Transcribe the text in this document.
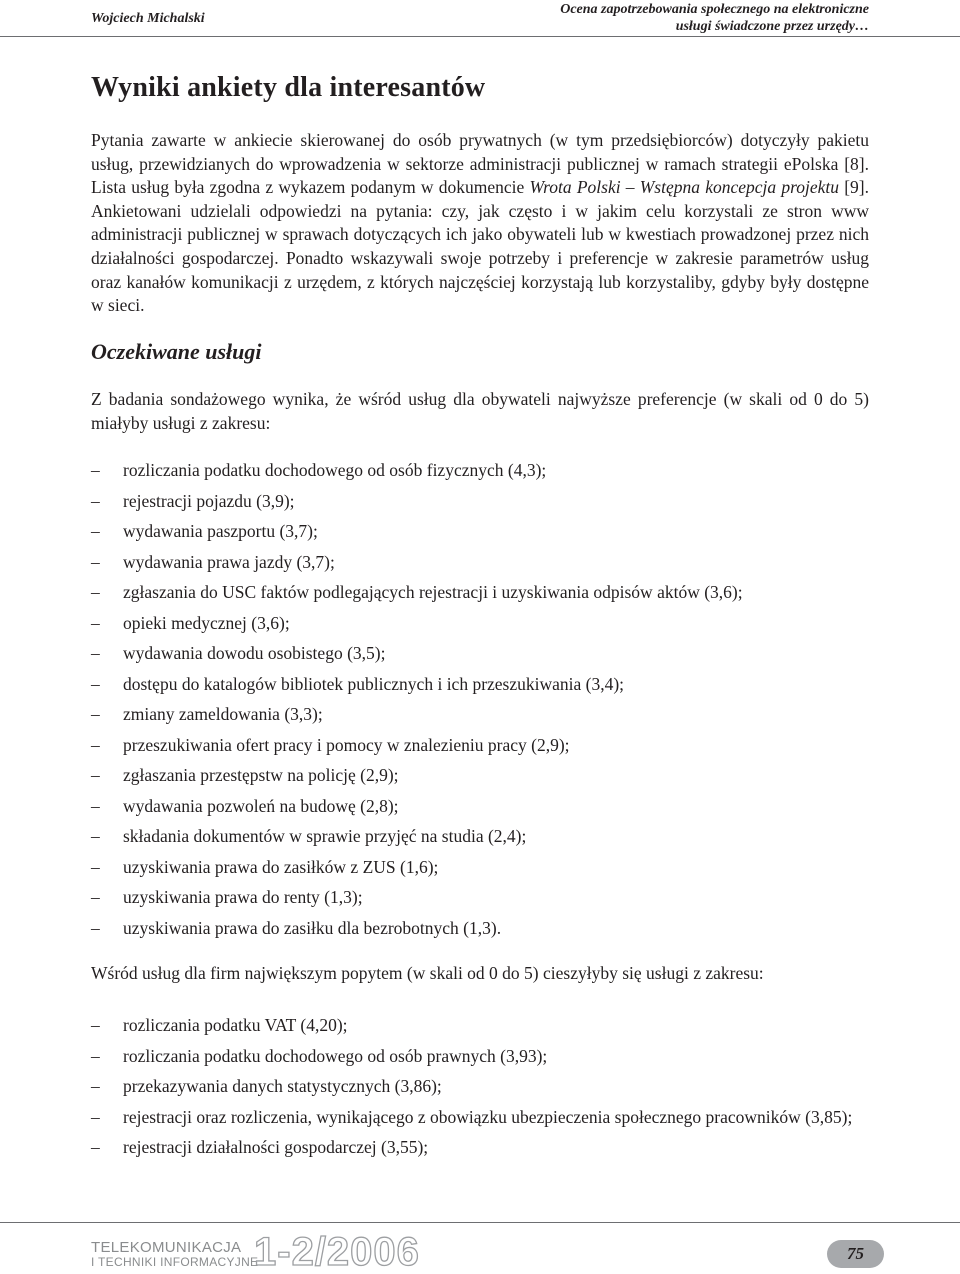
Wojciech Michalski
Ocena zapotrzebowania społecznego na elektroniczne
usługi świadczone przez urzędy…
Wyniki ankiety dla interesantów

Pytania zawarte w ankiecie skierowanej do osób prywatnych (w tym przedsiębiorców) dotyczyły pakietu usług, przewidzianych do wprowadzenia w sektorze administracji publicznej w ramach strategii ePolska [8]. Lista usług była zgodna z wykazem podanym w dokumencie Wrota Polski – Wstępna koncepcja projektu [9]. Ankietowani udzielali odpowiedzi na pytania: czy, jak często i w jakim celu korzystali ze stron www administracji publicznej w sprawach dotyczących ich jako obywateli lub w kwestiach prowadzonej przez nich działalności gospodarczej. Ponadto wskazywali swoje potrzeby i preferencje w zakresie parametrów usług oraz kanałów komunikacji z urzędem, z których najczęściej korzystają lub korzystaliby, gdyby były dostępne w sieci.

Oczekiwane usługi

Z badania sondażowego wynika, że wśród usług dla obywateli najwyższe preferencje (w skali od 0 do 5) miałyby usługi z zakresu:

– rozliczania podatku dochodowego od osób fizycznych (4,3);
– rejestracji pojazdu (3,9);
– wydawania paszportu (3,7);
– wydawania prawa jazdy (3,7);
– zgłaszania do USC faktów podlegających rejestracji i uzyskiwania odpisów aktów (3,6);
– opieki medycznej (3,6);
– wydawania dowodu osobistego (3,5);
– dostępu do katalogów bibliotek publicznych i ich przeszukiwania (3,4);
– zmiany zameldowania (3,3);
– przeszukiwania ofert pracy i pomocy w znalezieniu pracy (2,9);
– zgłaszania przestępstw na policję (2,9);
– wydawania pozwoleń na budowę (2,8);
– składania dokumentów w sprawie przyjęć na studia (2,4);
– uzyskiwania prawa do zasiłków z ZUS (1,6);
– uzyskiwania prawa do renty (1,3);
– uzyskiwania prawa do zasiłku dla bezrobotnych (1,3).

Wśród usług dla firm największym popytem (w skali od 0 do 5) cieszyłyby się usługi z zakresu:

– rozliczania podatku VAT (4,20);
– rozliczania podatku dochodowego od osób prawnych (3,93);
– przekazywania danych statystycznych (3,86);
– rejestracji oraz rozliczenia, wynikającego z obowiązku ubezpieczenia społecznego pracowników (3,85);
– rejestracji działalności gospodarczej (3,55);
TELEKOMUNIKACJA
I TECHNIKI INFORMACYJNE
1-2/2006	75
